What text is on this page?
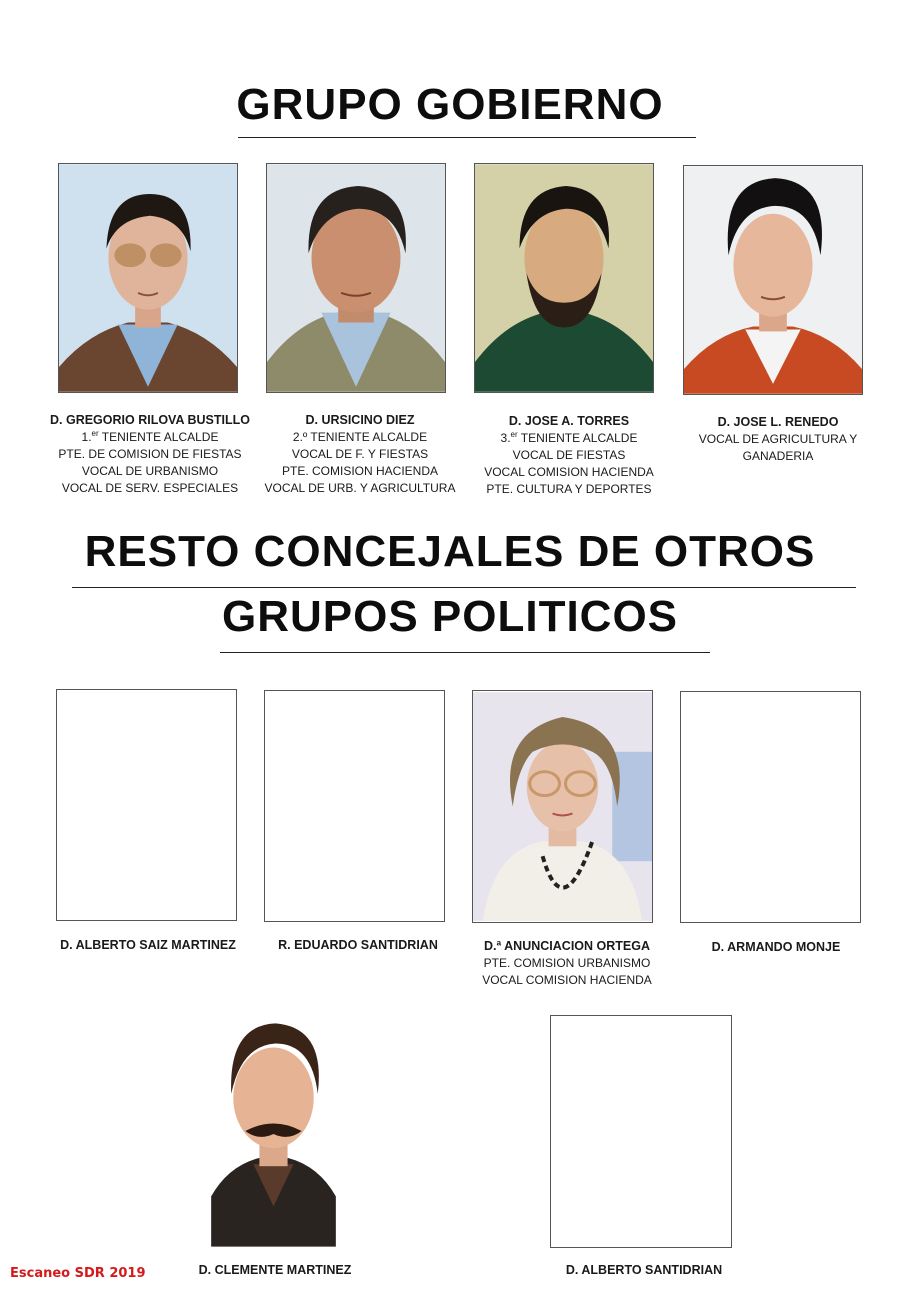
GRUPO GOBIERNO
RESTO CONCEJALES DE OTROS
GRUPOS POLITICOS
D. GREGORIO RILOVA BUSTILLO
1.$^{er}$ TENIENTE ALCALDE
PTE. DE COMISION DE FIESTAS
VOCAL DE URBANISMO
VOCAL DE SERV. ESPECIALES
D. URSICINO DIEZ
2.º TENIENTE ALCALDE
VOCAL DE F. Y FIESTAS
PTE. COMISION HACIENDA
VOCAL DE URB. Y AGRICULTURA
D. JOSE A. TORRES
3.$^{er}$ TENIENTE ALCALDE
VOCAL DE FIESTAS
VOCAL COMISION HACIENDA
PTE. CULTURA Y DEPORTES
D. JOSE L. RENEDO
VOCAL DE AGRICULTURA Y
GANADERIA
D. ALBERTO SAIZ MARTINEZ	R. EDUARDO SANTIDRIAN	D.ª ANUNCIACION ORTEGA
PTE. COMISION URBANISMO
VOCAL COMISION HACIENDA
D. ARMANDO MONJE
D. CLEMENTE MARTINEZ	D. ALBERTO SANTIDRIAN
Escaneo SDR 2019
